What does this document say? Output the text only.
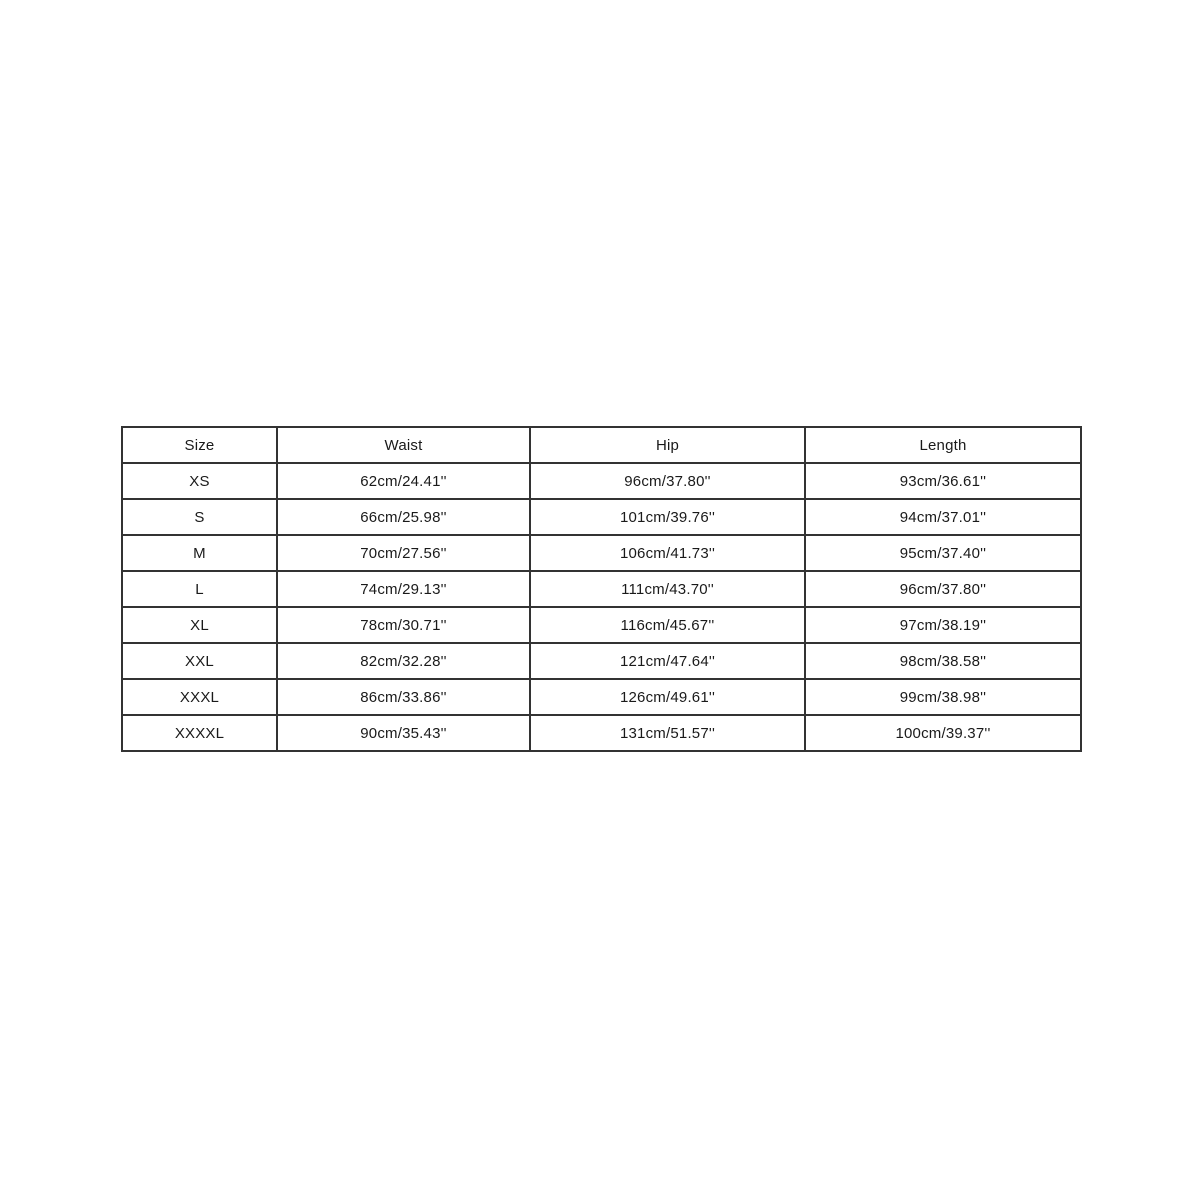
Size	Waist	Hip	Length
XS	62cm/24.41''	96cm/37.80''	93cm/36.61''
S	66cm/25.98''	101cm/39.76''	94cm/37.01''
M	70cm/27.56''	106cm/41.73''	95cm/37.40''
L	74cm/29.13''	111cm/43.70''	96cm/37.80''
XL	78cm/30.71''	116cm/45.67''	97cm/38.19''
XXL	82cm/32.28''	121cm/47.64''	98cm/38.58''
XXXL	86cm/33.86''	126cm/49.61''	99cm/38.98''
XXXXL	90cm/35.43''	131cm/51.57''	100cm/39.37''
